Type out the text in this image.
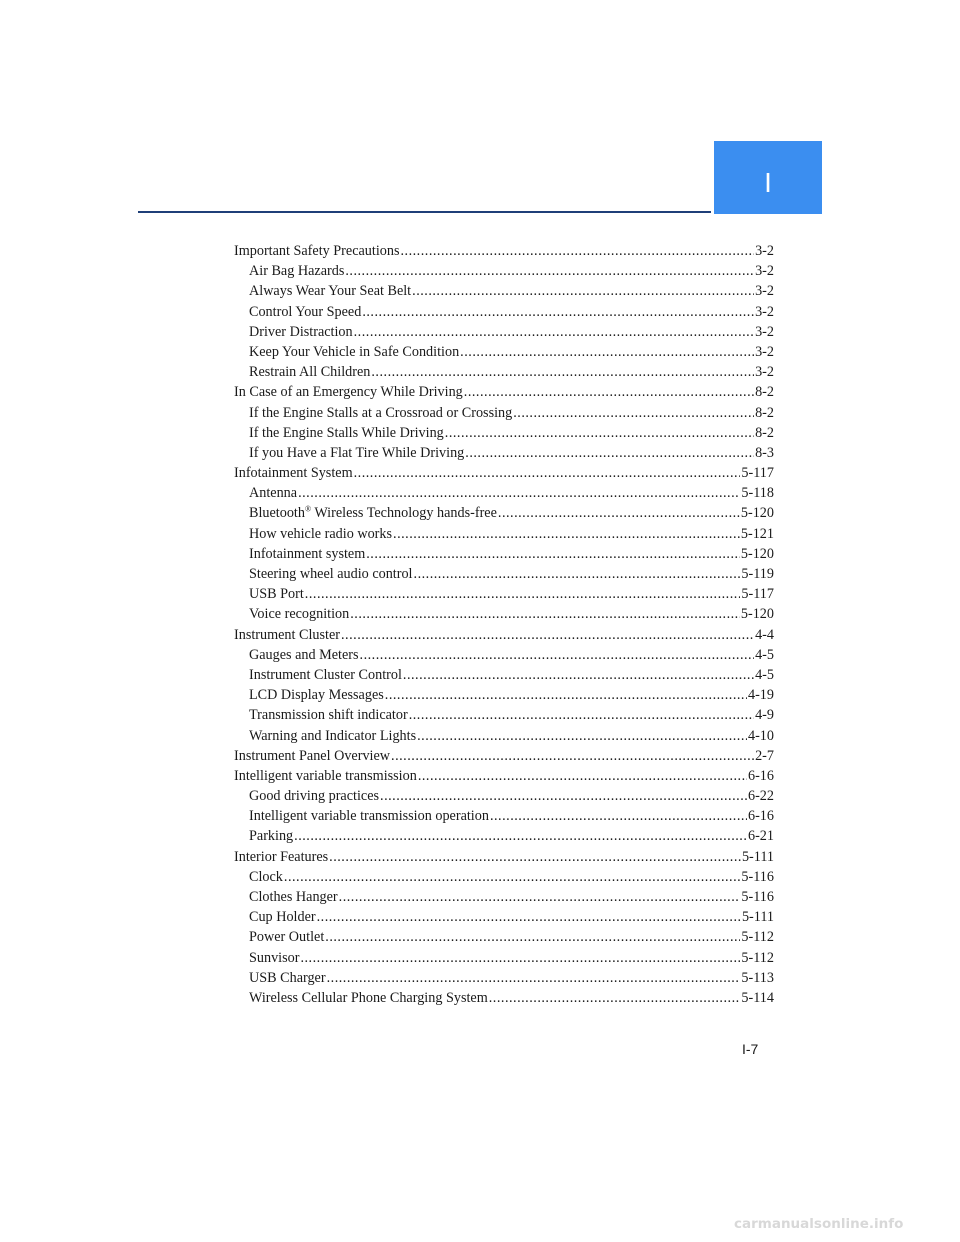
I
Important Safety Precautions .....	3-2
Air Bag Hazards .....	3-2
Always Wear Your Seat Belt .....	3-2
Control Your Speed .....	3-2
Driver Distraction .....	3-2
Keep Your Vehicle in Safe Condition .....	3-2
Restrain All Children .....	3-2
In Case of an Emergency While Driving .....	8-2
If the Engine Stalls at a Crossroad or Crossing .....	8-2
If the Engine Stalls While Driving .....	8-2
If you Have a Flat Tire While Driving .....	8-3
Infotainment System .....	5-117
Antenna .....	5-118
Bluetooth® Wireless Technology hands-free .....	5-120
How vehicle radio works .....	5-121
Infotainment system .....	5-120
Steering wheel audio control .....	5-119
USB Port .....	5-117
Voice recognition .....	5-120
Instrument Cluster .....	4-4
Gauges and Meters .....	4-5
Instrument Cluster Control .....	4-5
LCD Display Messages .....	4-19
Transmission shift indicator .....	4-9
Warning and Indicator Lights .....	4-10
Instrument Panel Overview .....	2-7
Intelligent variable transmission .....	6-16
Good driving practices .....	6-22
Intelligent variable transmission operation .....	6-16
Parking .....	6-21
Interior Features .....	5-111
Clock .....	5-116
Clothes Hanger .....	5-116
Cup Holder .....	5-111
Power Outlet .....	5-112
Sunvisor .....	5-112
USB Charger .....	5-113
Wireless Cellular Phone Charging System .....	5-114
I-7
carmanualsonline.info
